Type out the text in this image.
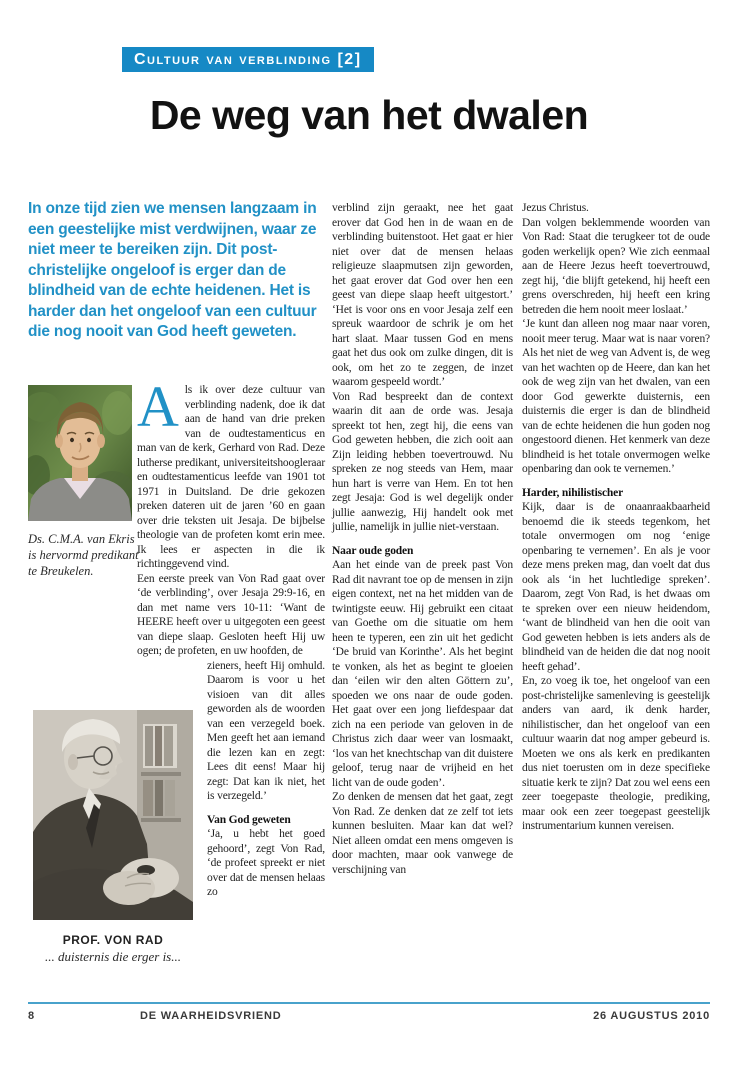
Cultuur van verblinding [2]
De weg van het dwalen

In onze tijd zien we mensen langzaam in een geestelijke mist verdwijnen, waar ze niet meer te bereiken zijn. Dit post-christelijke ongeloof is erger dan de blindheid van de echte heidenen. Het is harder dan het ongeloof van een cultuur die nog nooit van God heeft geweten.

Ds. C.M.A. van Ekris is hervormd predikant te Breukelen.

PROF. VON RAD
... duisternis die erger is...

Als ik over deze cultuur van verblinding nadenk, doe ik dat aan de hand van drie preken van de oudtestamenticus en man van de kerk, Gerhard von Rad. Deze lutherse predikant, universiteitshoogleraar en oudtestamenticus leefde van 1901 tot 1971 in Duitsland. De drie gekozen preken dateren uit de jaren ’60 en gaan over drie teksten uit Jesaja. De bijbelse theologie van de profeten komt erin mee. Ik lees er aspecten in die ik richtinggevend vind.

Een eerste preek van Von Rad gaat over ‘de verblinding’, over Jesaja 29:9-16, en dan met name vers 10-11: ‘Want de HEERE heeft over u uitgegoten een geest van diepe slaap. Gesloten heeft Hij uw ogen; de profeten, en uw hoofden, de

zieners, heeft Hij omhuld. Daarom is voor u het visioen van dit alles geworden als de woorden van een verzegeld boek. Men geeft het aan iemand die lezen kan en zegt: Lees dit eens! Maar hij zegt: Dat kan ik niet, het is verzegeld.’

Van God geweten

‘Ja, u hebt het goed gehoord’, zegt Von Rad, ‘de profeet spreekt er niet over dat de mensen helaas zo

verblind zijn geraakt, nee het gaat erover dat God hen in de waan en de verblinding buitenstoot. Het gaat er hier niet over dat de mensen helaas religieuze slaapmutsen zijn geworden, het gaat erover dat God over hen een geest van diepe slaap heeft uitgestort.’ ‘Het is voor ons en voor Jesaja zelf een spreuk waardoor de schrik je om het hart slaat. Maar tussen God en mens gaat het dus ook om zulke dingen, dit is ook, om het zo te zeggen, de inzet waarom gespeeld wordt.’

Von Rad bespreekt dan de context waarin dit aan de orde was. Jesaja spreekt tot hen, zegt hij, die eens van God geweten hebben, die zich ooit aan Zijn leiding hebben toevertrouwd. Nu spreken ze nog steeds van Hem, maar hun hart is verre van Hem. En tot hen zegt Jesaja: God is wel degelijk onder jullie aanwezig, Hij handelt ook met jullie, namelijk in jullie niet-verstaan.

Naar oude goden

Aan het einde van de preek past Von Rad dit navrant toe op de mensen in zijn eigen context, net na het midden van de twintigste eeuw. Hij gebruikt een citaat van Goethe om die situatie om hem heen te typeren, een zin uit het gedicht ‘De bruid van Korinthe’. Als het begint te vonken, als het as begint te gloeien dan ‘eilen wir den alten Göttern zu’, spoeden we ons naar de oude goden. Het gaat over een jong liefdespaar dat zich na een periode van geloven in de Christus zich daar weer van losmaakt, ‘los van het knechtschap van dit duistere geloof, terug naar de vrijheid en het licht van de oude goden’.

Zo denken de mensen dat het gaat, zegt Von Rad. Ze denken dat ze zelf tot iets kunnen besluiten. Maar kan dat wel? Niet alleen omdat een mens omgeven is door machten, maar ook vanwege de verschijning van

Jezus Christus.

Dan volgen beklemmende woorden van Von Rad: Staat die terugkeer tot de oude goden werkelijk open? Wie zich eenmaal aan de Heere Jezus heeft toevertrouwd, zegt hij, ‘die blijft getekend, hij heeft een grens overschreden, hij heeft een kring betreden die hem nooit meer loslaat.’

‘Je kunt dan alleen nog maar naar voren, nooit meer terug. Maar wat is naar voren? Als het niet de weg van Advent is, de weg van het wachten op de Heere, dan kan het ook de weg zijn van het dwalen, van een door God gewerkte duisternis, een duisternis die erger is dan de blindheid van de echte heidenen die hun goden nog ongestoord dienen. Het kenmerk van deze blindheid is het totale onvermogen welke openbaring dan ook te vernemen.’

Harder, nihilistischer

Kijk, daar is de onaanraakbaarheid benoemd die ik steeds tegenkom, het totale onvermogen om nog ‘enige openbaring te vernemen’. En als je voor deze mens preken mag, dan voelt dat dus ook als ‘in het luchtledige spreken’. Daarom, zegt Von Rad, is het dwaas om te spreken over een nieuw heidendom, ‘want de blindheid van hen die ooit van God geweten hebben is iets anders als de blindheid van de heiden die dat nog nooit heeft gehad’.

En, zo voeg ik toe, het ongeloof van een post-christelijke samenleving is geestelijk anders van aard, ik denk harder, nihilistischer, dan het ongeloof van een cultuur waarin dat nog amper gebeurd is. Moeten we ons als kerk en predikanten dus niet toerusten om in deze specifieke situatie kerk te zijn? Dat zou wel eens een zeer toegepaste theologie, prediking, maar ook een zeer toegepast geestelijk instrumentarium kunnen vereisen.

8	DE WAARHEIDSVRIEND	26 AUGUSTUS 2010
